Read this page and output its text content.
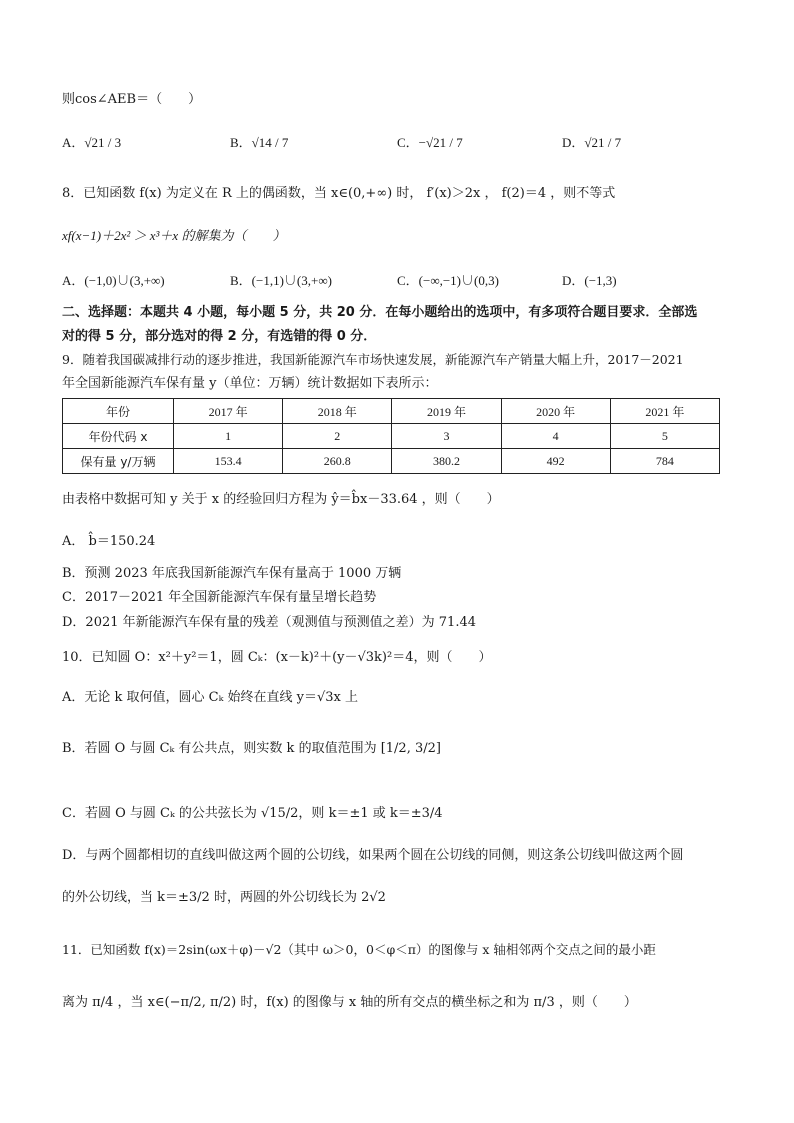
则cos∠AEB＝（　　）
A．√21 / 3	B．√14 / 7	C．−√21 / 7	D．√21 / 7
8．已知函数 f(x) 为定义在 R 上的偶函数，当 x∈(0,+∞) 时， f′(x)＞2x ， f(2)＝4 ，则不等式
xf(x−1)＋2x² ＞ x³＋x 的解集为（　　）
A．(−1,0)∪(3,+∞)	B．(−1,1)∪(3,+∞)	C．(−∞,−1)∪(0,3)	D．(−1,3)
二、选择题：本题共 4 小题，每小题 5 分，共 20 分．在每小题给出的选项中，有多项符合题目要求．全部选
对的得 5 分，部分选对的得 2 分，有选错的得 0 分．
9．随着我国碳减排行动的逐步推进，我国新能源汽车市场快速发展，新能源汽车产销量大幅上升，2017－2021
年全国新能源汽车保有量 y（单位：万辆）统计数据如下表所示：
年份	2017 年	2018 年	2019 年	2020 年	2021 年
年份代码 x	1	2	3	4	5
保有量 y/万辆	153.4	260.8	380.2	492	784
由表格中数据可知 y 关于 x 的经验回归方程为 ŷ＝b̂x－33.64 ，则（　　）
A． b̂＝150.24
B．预测 2023 年底我国新能源汽车保有量高于 1000 万辆
C．2017－2021 年全国新能源汽车保有量呈增长趋势
D．2021 年新能源汽车保有量的残差（观测值与预测值之差）为 71.44
10．已知圆 O：x²＋y²＝1，圆 Cₖ：(x－k)²＋(y－√3k)²＝4，则（　　）
A．无论 k 取何值，圆心 Cₖ 始终在直线 y＝√3x 上
B．若圆 O 与圆 Cₖ 有公共点，则实数 k 的取值范围为 [1/2, 3/2]
C．若圆 O 与圆 Cₖ 的公共弦长为 √15/2，则 k＝±1 或 k＝±3/4
D．与两个圆都相切的直线叫做这两个圆的公切线，如果两个圆在公切线的同侧，则这条公切线叫做这两个圆
的外公切线，当 k＝±3/2 时，两圆的外公切线长为 2√2
11．已知函数 f(x)＝2sin(ωx＋φ)－√2（其中 ω＞0，0＜φ＜π）的图像与 x 轴相邻两个交点之间的最小距
离为 π/4 ，当 x∈(−π/2, π/2) 时，f(x) 的图像与 x 轴的所有交点的横坐标之和为 π/3 ，则（　　）
